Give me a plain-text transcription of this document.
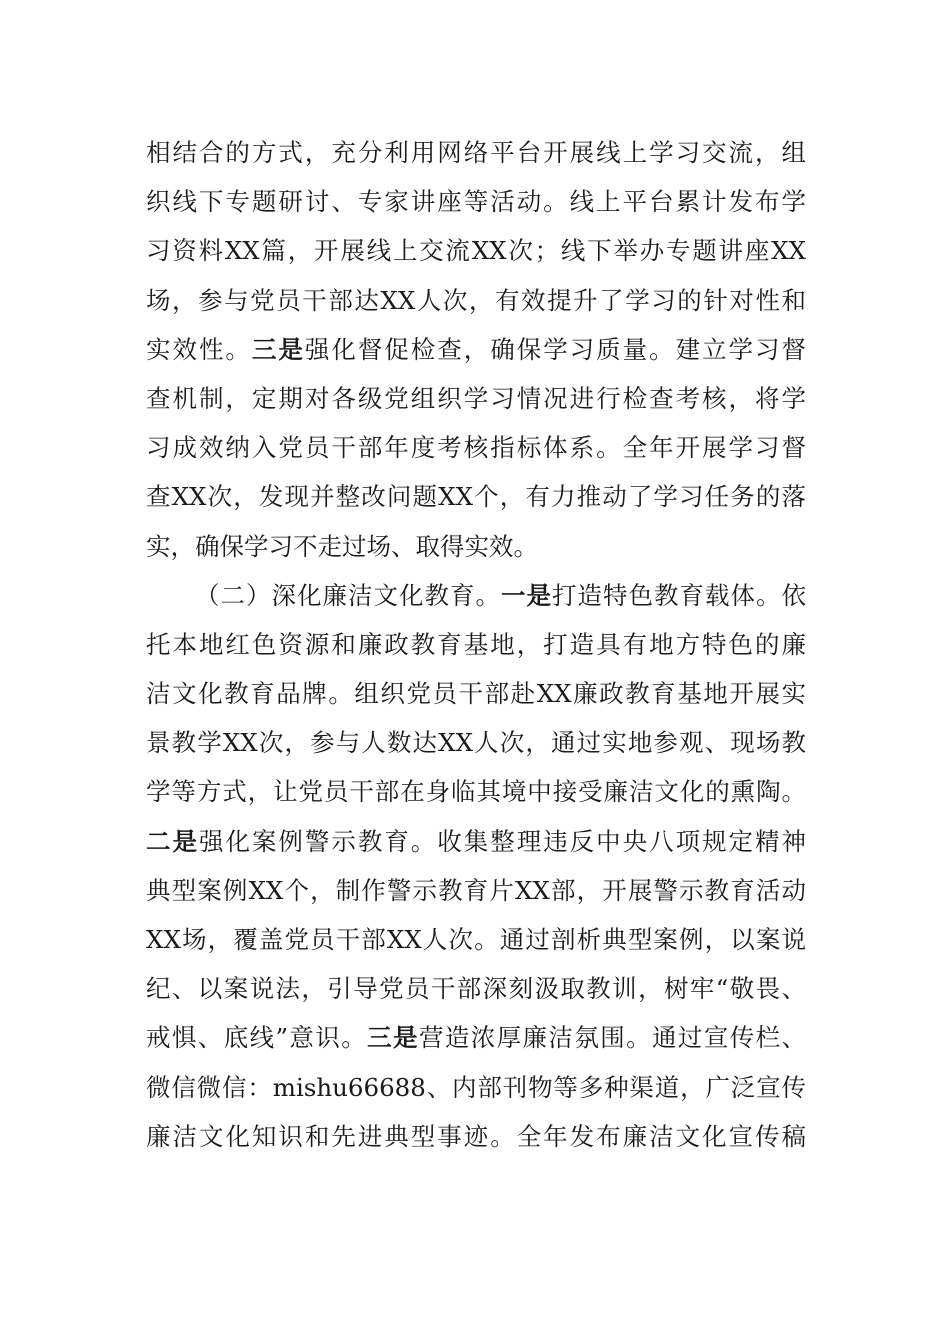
相结合的方式，充分利用网络平台开展线上学习交流，组
织线下专题研讨、专家讲座等活动。线上平台累计发布学
习资料XX篇，开展线上交流XX次；线下举办专题讲座XX
场，参与党员干部达XX人次，有效提升了学习的针对性和
实效性。三是强化督促检查，确保学习质量。建立学习督
查机制，定期对各级党组织学习情况进行检查考核，将学
习成效纳入党员干部年度考核指标体系。全年开展学习督
查XX次，发现并整改问题XX个，有力推动了学习任务的落
实，确保学习不走过场、取得实效。
（二）深化廉洁文化教育。一是打造特色教育载体。依
托本地红色资源和廉政教育基地，打造具有地方特色的廉
洁文化教育品牌。组织党员干部赴XX廉政教育基地开展实
景教学XX次，参与人数达XX人次，通过实地参观、现场教
学等方式，让党员干部在身临其境中接受廉洁文化的熏陶。
二是强化案例警示教育。收集整理违反中央八项规定精神
典型案例XX个，制作警示教育片XX部，开展警示教育活动
XX场，覆盖党员干部XX人次。通过剖析典型案例，以案说
纪、以案说法，引导党员干部深刻汲取教训，树牢“敬畏、
戒惧、底线”意识。三是营造浓厚廉洁氛围。通过宣传栏、
微信微信：mishu66688、内部刊物等多种渠道，广泛宣传
廉洁文化知识和先进典型事迹。全年发布廉洁文化宣传稿
